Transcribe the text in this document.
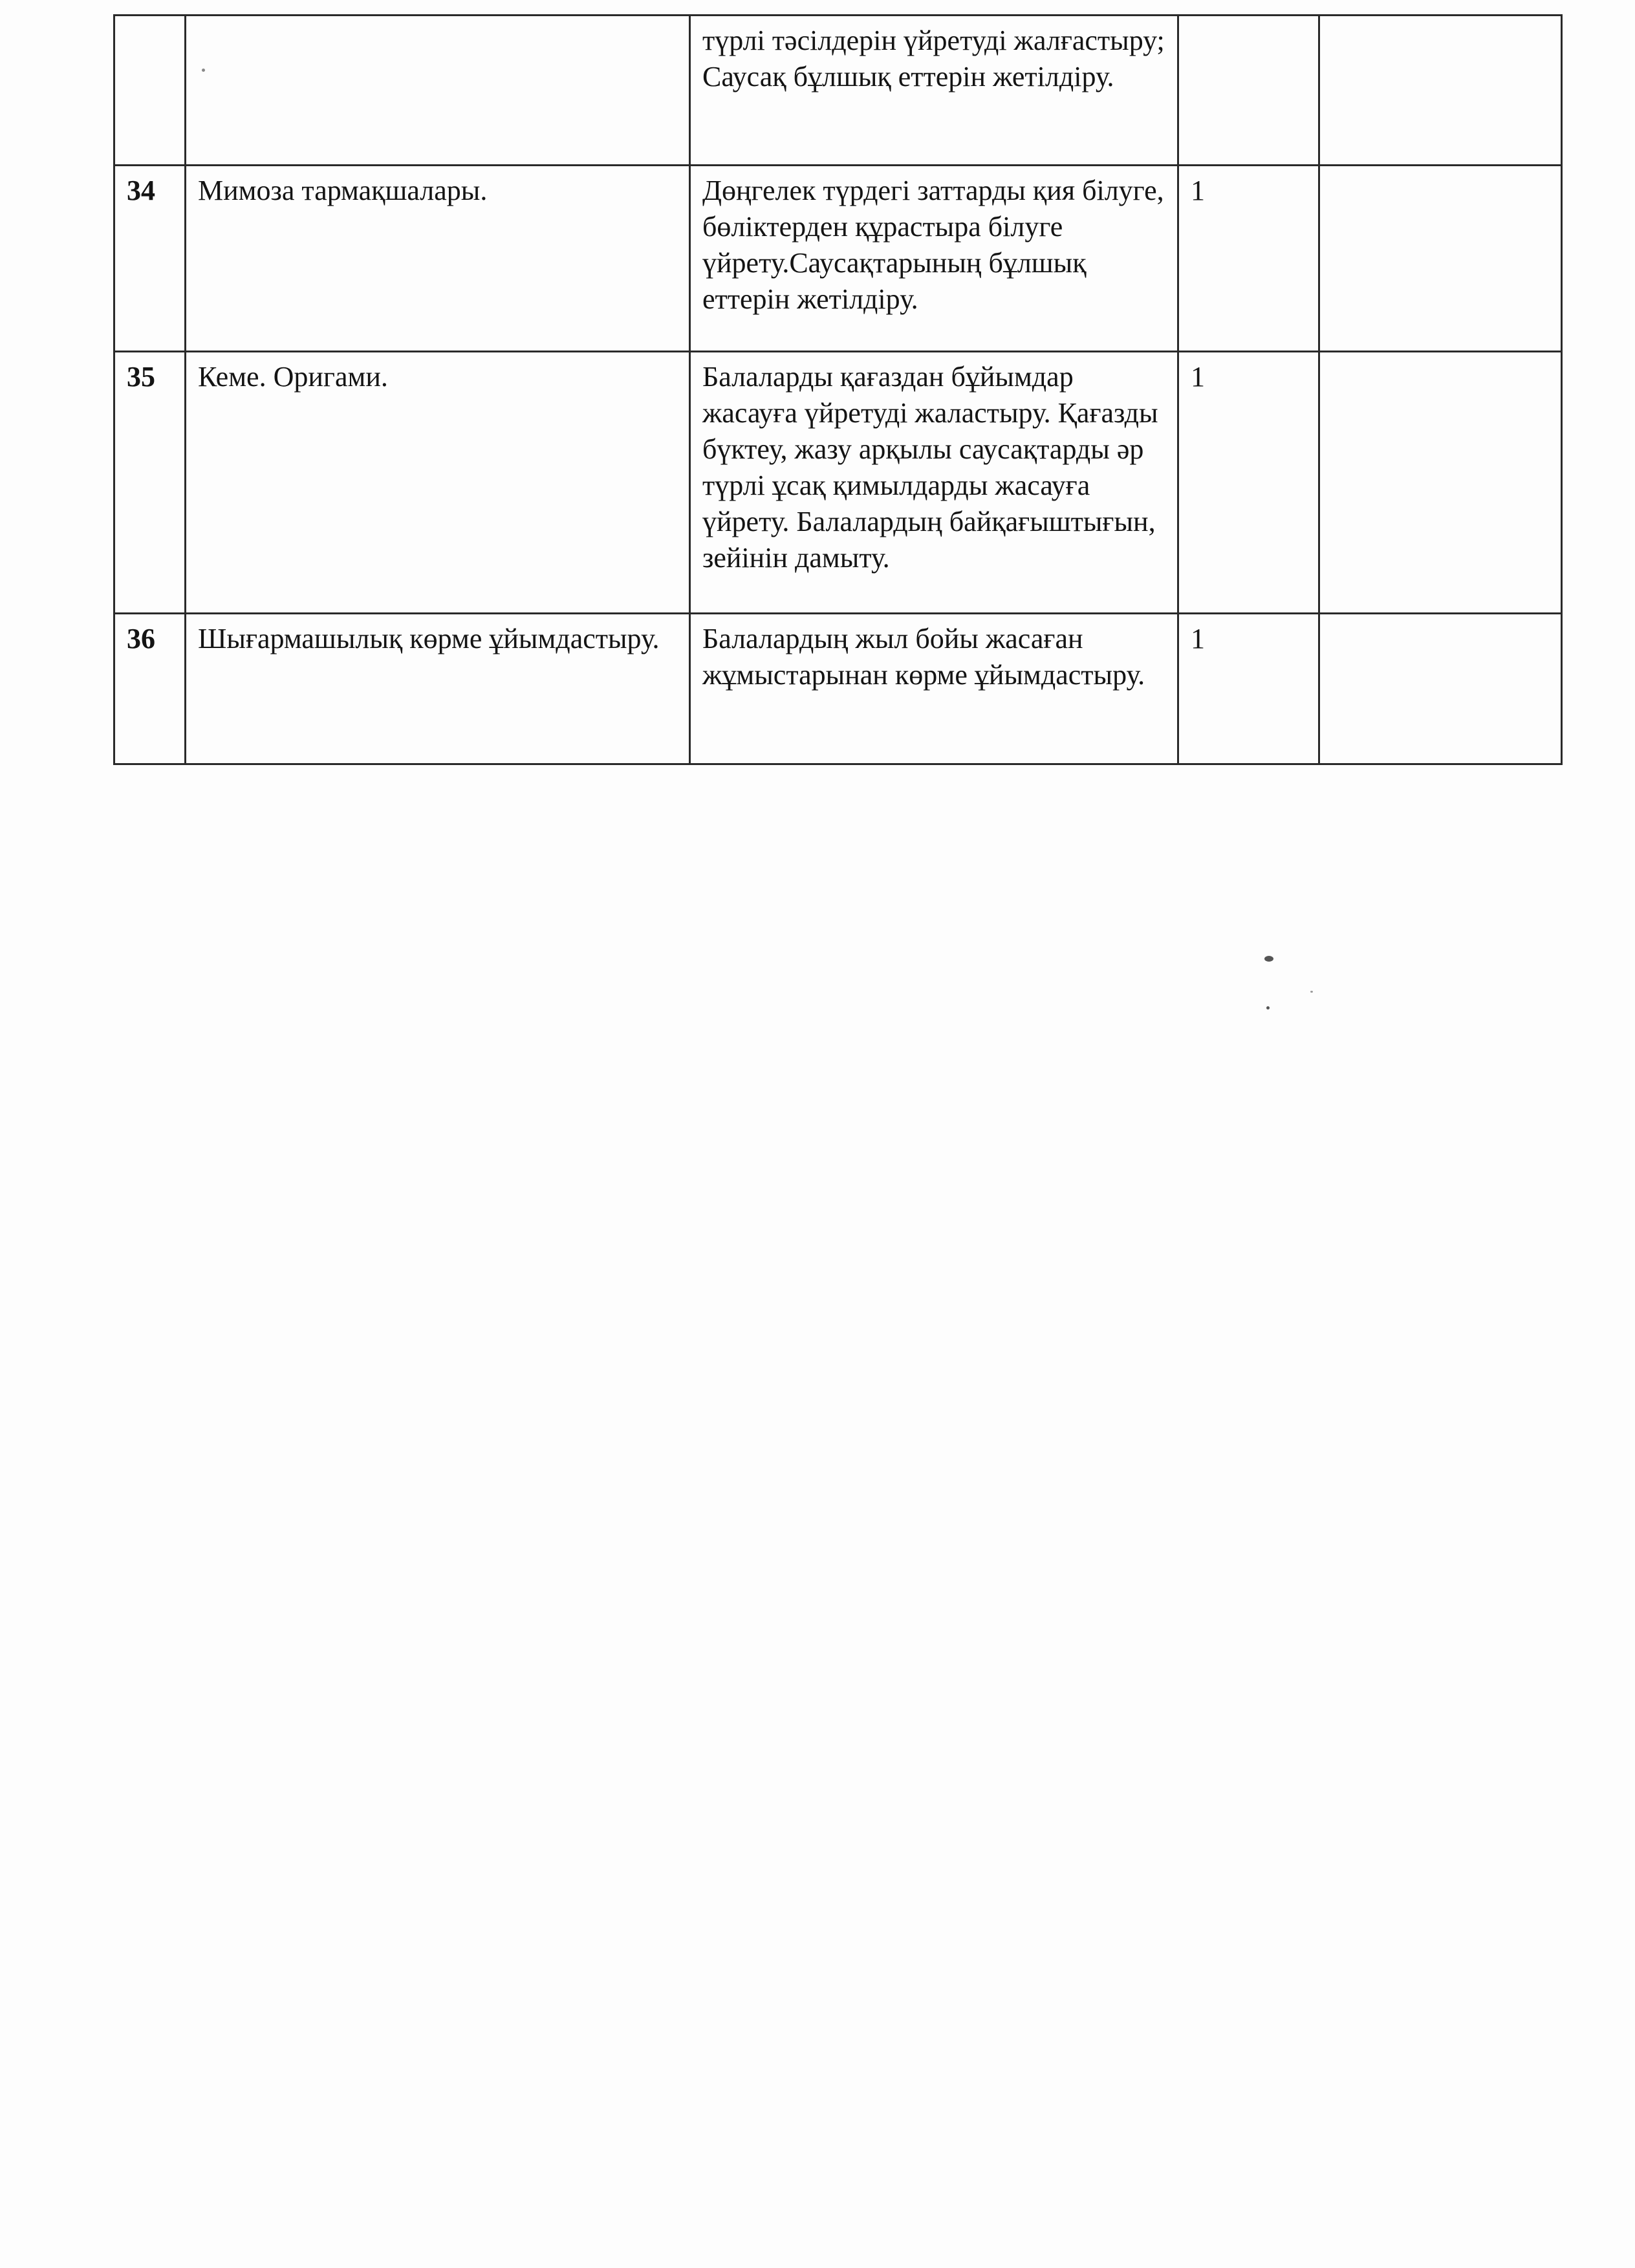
		түрлі тәсілдерін үйретуді жалғастыру; Саусақ бұлшық еттерін жетілдіру.		
34	Мимоза тармақшалары.	Дөңгелек түрдегі заттарды қия білуге, бөліктерден құрастыра білуге үйрету.Саусақтарының бұлшық еттерін жетілдіру.	1	
35	Кеме. Оригами.	Балаларды қағаздан бұйымдар жасауға үйретуді жаластыру. Қағазды бүктеу, жазу арқылы саусақтарды әр түрлі ұсақ қимылдарды жасауға үйрету. Балалардың байқағыштығын, зейінін дамыту.	1	
36	Шығармашылық көрме ұйымдастыру.	Балалардың жыл бойы жасаған жұмыстарынан көрме ұйымдастыру.	1	
